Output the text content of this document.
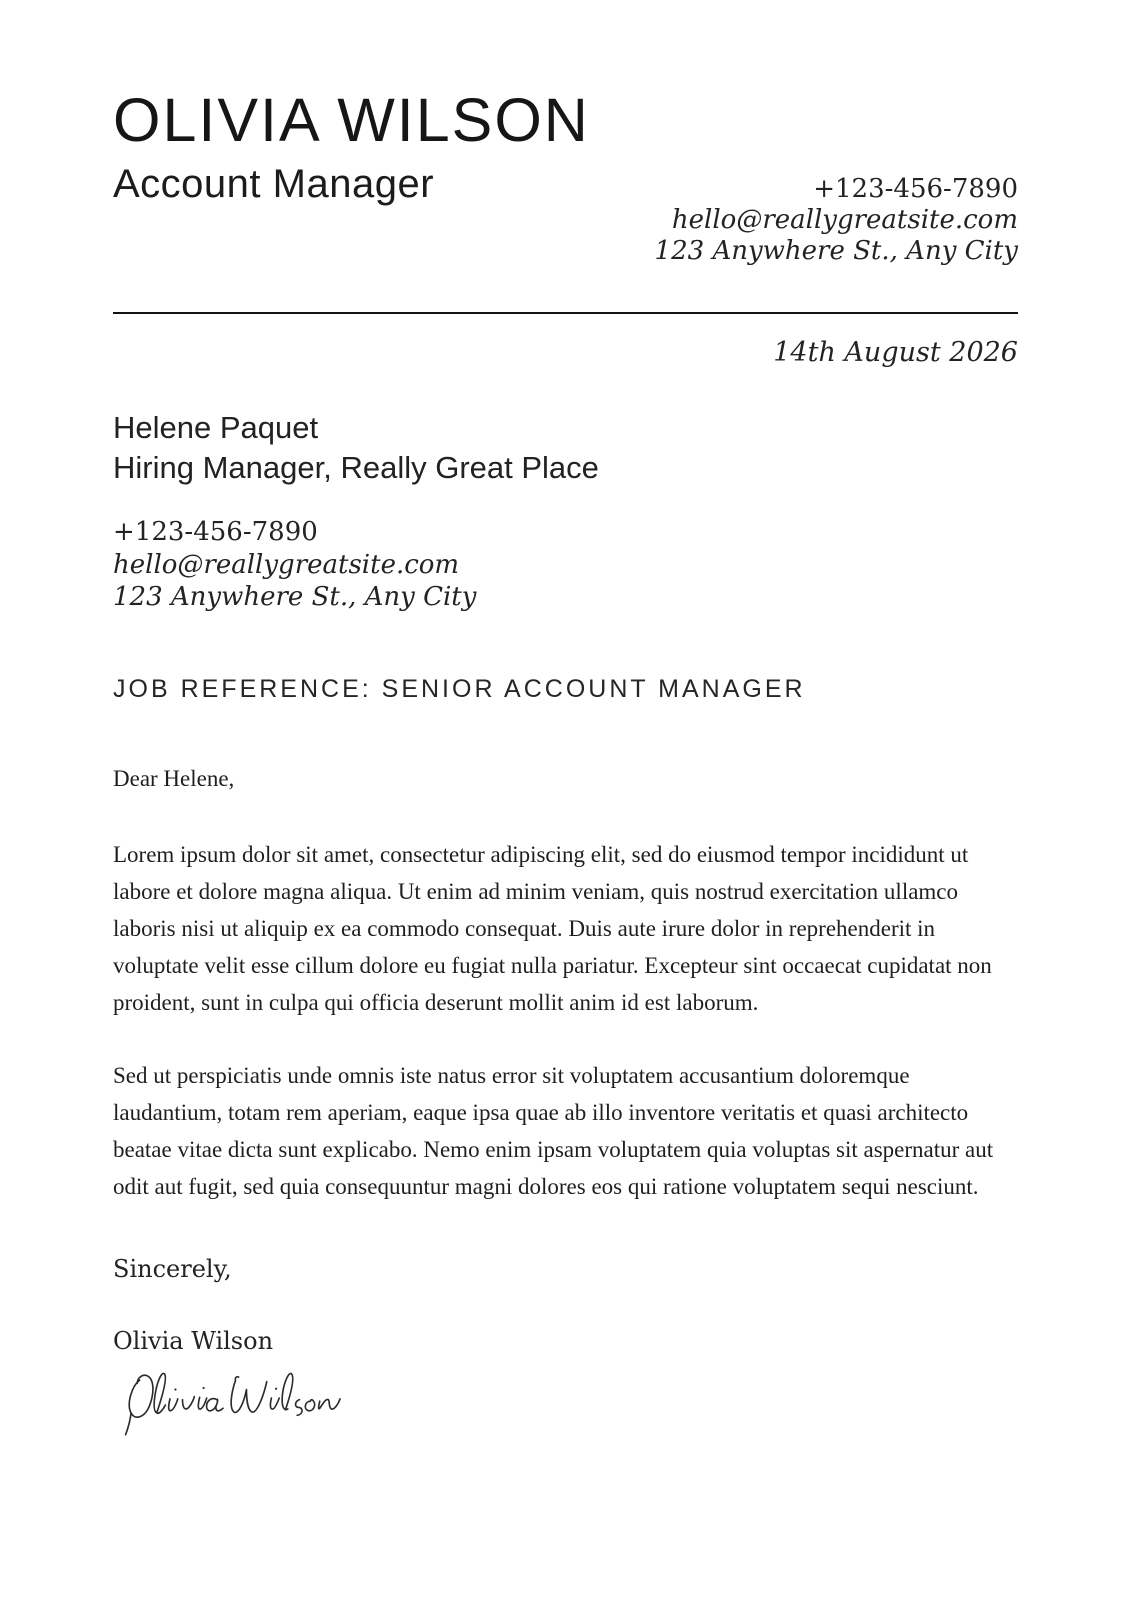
OLIVIA WILSON
Account Manager	+123-456-7890
hello@reallygreatsite.com
123 Anywhere St., Any City
14th August 2026
Helene Paquet
Hiring Manager, Really Great Place
+123-456-7890
hello@reallygreatsite.com
123 Anywhere St., Any City
JOB REFERENCE: SENIOR ACCOUNT MANAGER
Dear Helene,

Lorem ipsum dolor sit amet, consectetur adipiscing elit, sed do eiusmod tempor incididunt ut labore et dolore magna aliqua. Ut enim ad minim veniam, quis nostrud exercitation ullamco laboris nisi ut aliquip ex ea commodo consequat. Duis aute irure dolor in reprehenderit in voluptate velit esse cillum dolore eu fugiat nulla pariatur. Excepteur sint occaecat cupidatat non proident, sunt in culpa qui officia deserunt mollit anim id est laborum.

Sed ut perspiciatis unde omnis iste natus error sit voluptatem accusantium doloremque laudantium, totam rem aperiam, eaque ipsa quae ab illo inventore veritatis et quasi architecto beatae vitae dicta sunt explicabo. Nemo enim ipsam voluptatem quia voluptas sit aspernatur aut odit aut fugit, sed quia consequuntur magni dolores eos qui ratione voluptatem sequi nesciunt.

Sincerely,
Olivia Wilson
